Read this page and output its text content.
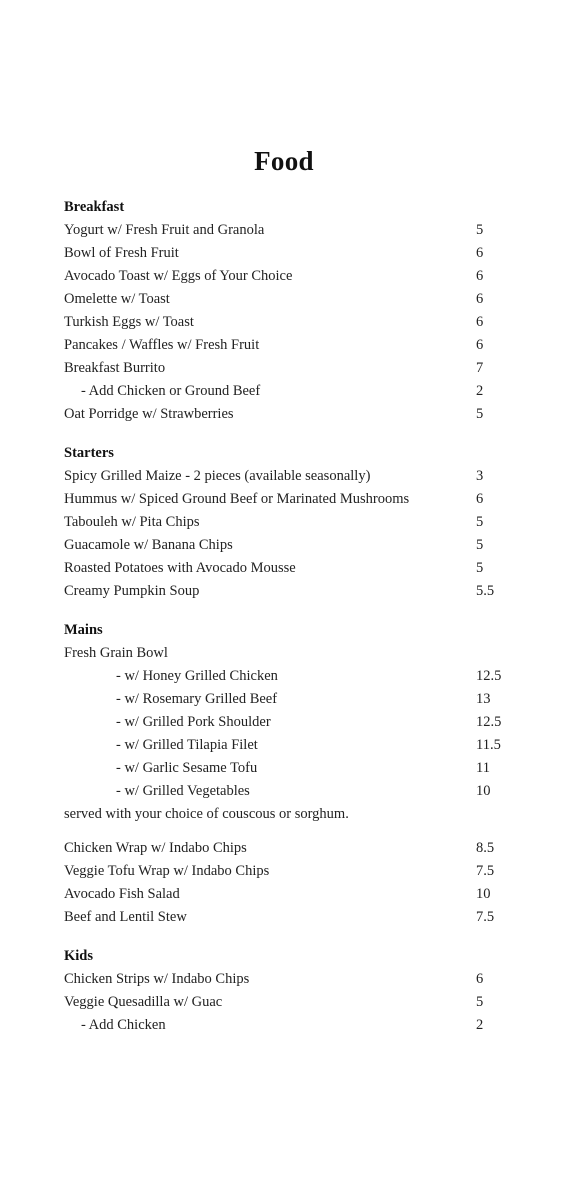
Food
Breakfast
Yogurt w/ Fresh Fruit and Granola	5
Bowl of Fresh Fruit	6
Avocado Toast w/ Eggs of Your Choice	6
Omelette w/ Toast	6
Turkish Eggs w/ Toast	6
Pancakes / Waffles w/ Fresh Fruit	6
Breakfast Burrito	7
- Add Chicken or Ground Beef	2
Oat Porridge w/ Strawberries	5
Starters
Spicy Grilled Maize - 2 pieces (available seasonally)	3
Hummus w/ Spiced Ground Beef or Marinated Mushrooms	6
Tabouleh w/ Pita Chips	5
Guacamole w/ Banana Chips	5
Roasted Potatoes with Avocado Mousse	5
Creamy Pumpkin Soup	5.5
Mains
Fresh Grain Bowl
- w/ Honey Grilled Chicken	12.5
- w/ Rosemary Grilled Beef	13
- w/ Grilled Pork Shoulder	12.5
- w/ Grilled Tilapia Filet	11.5
- w/ Garlic Sesame Tofu	11
- w/ Grilled Vegetables	10
served with your choice of couscous or sorghum.
Chicken Wrap w/ Indabo Chips	8.5
Veggie Tofu Wrap w/ Indabo Chips	7.5
Avocado Fish Salad	10
Beef and Lentil Stew	7.5
Kids
Chicken Strips w/ Indabo Chips	6
Veggie Quesadilla w/ Guac	5
- Add Chicken	2
